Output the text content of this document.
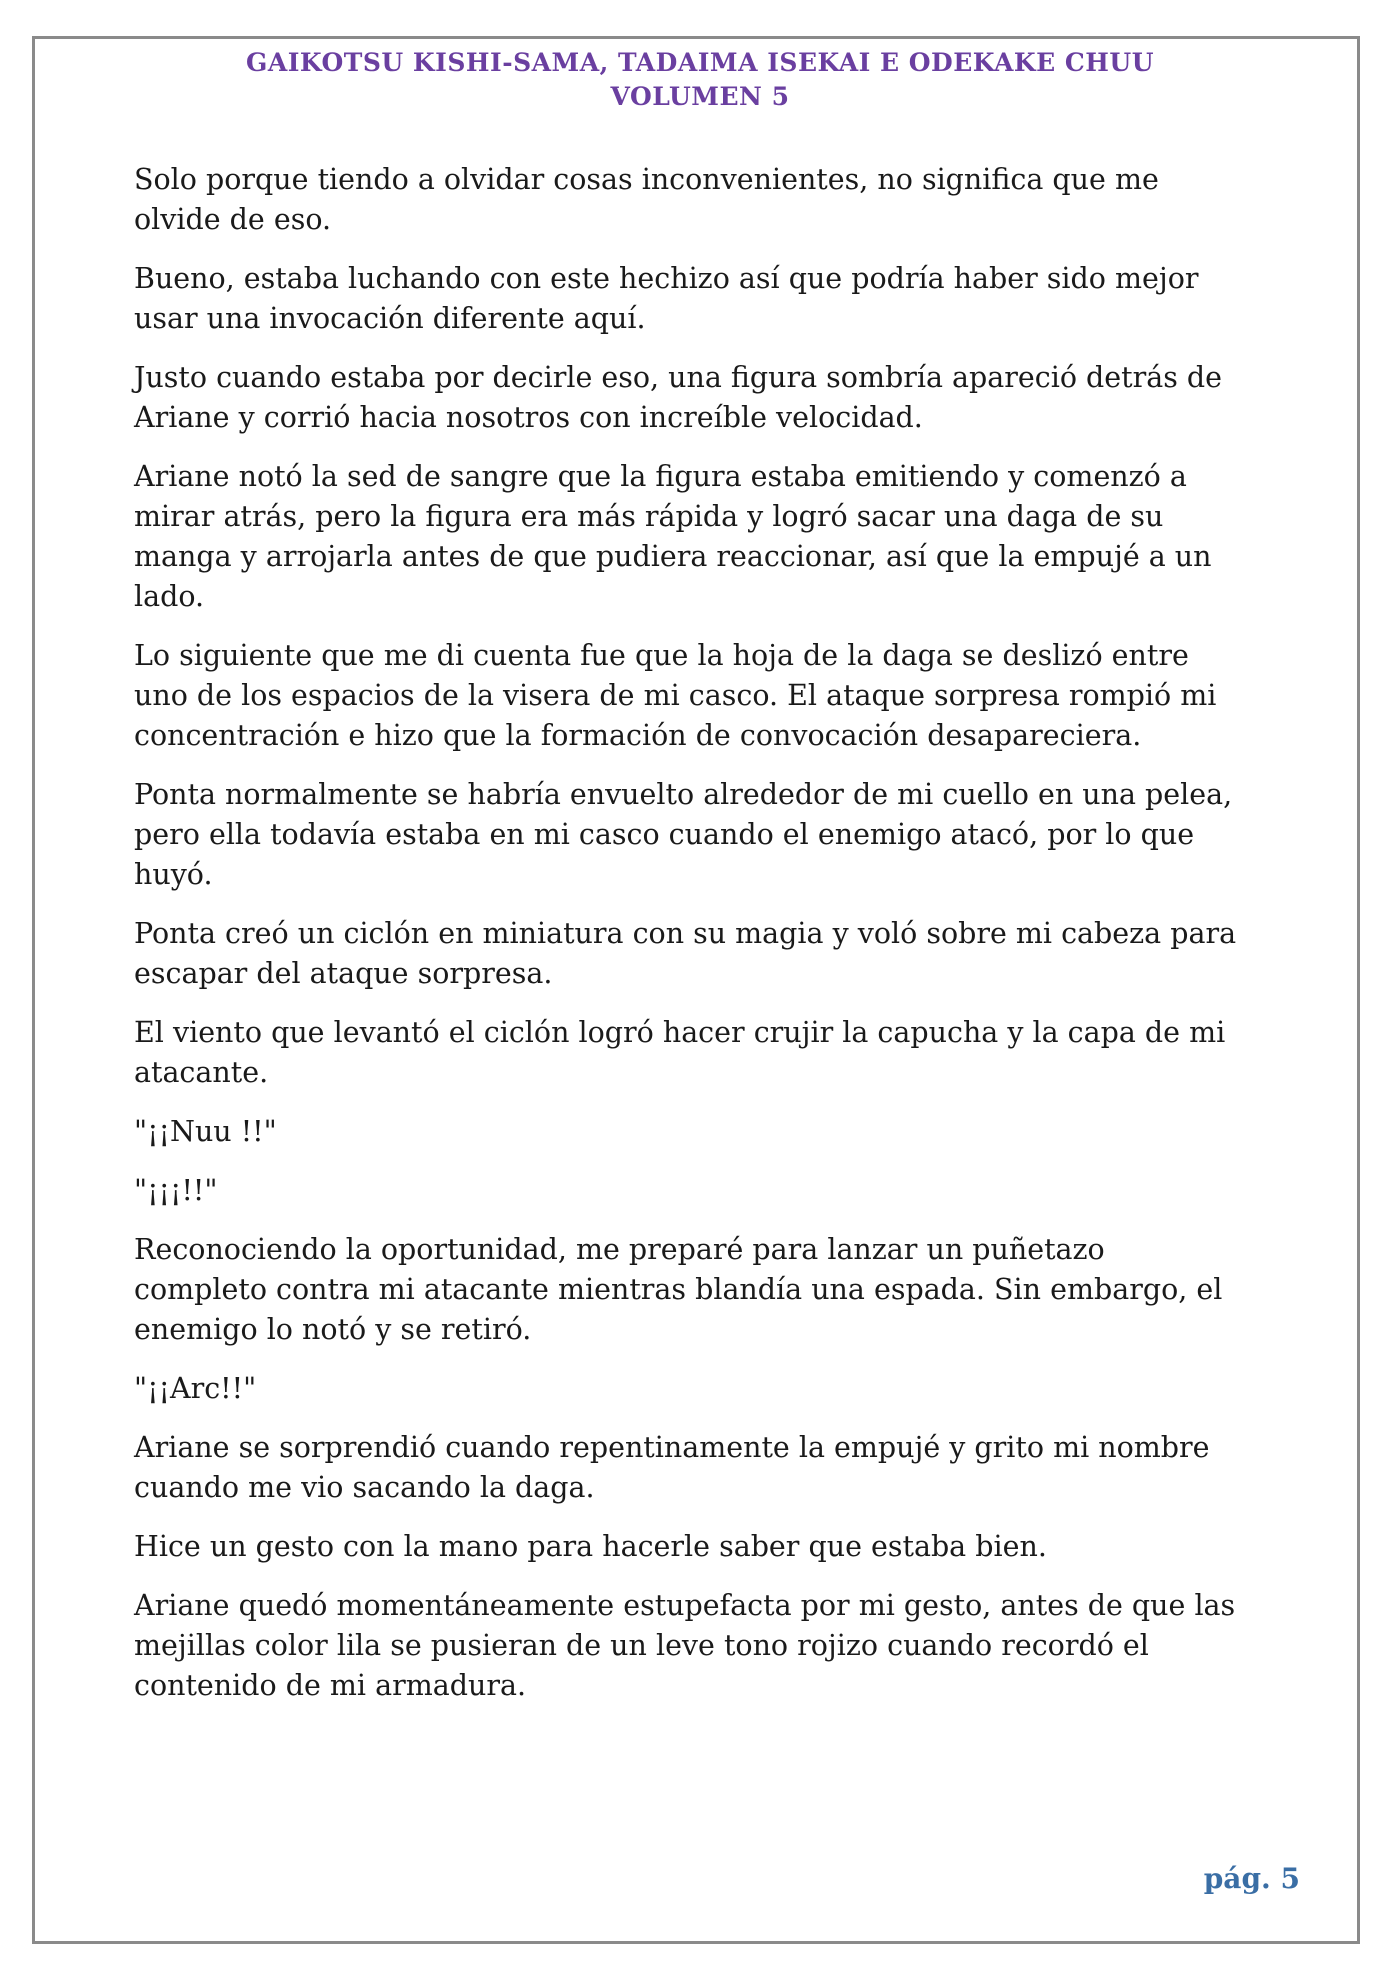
GAIKOTSU KISHI-SAMA, TADAIMA ISEKAI E ODEKAKE CHUU
VOLUMEN 5

Solo porque tiendo a olvidar cosas inconvenientes, no significa que me olvide de eso.

Bueno, estaba luchando con este hechizo así que podría haber sido mejor usar una invocación diferente aquí.

Justo cuando estaba por decirle eso, una figura sombría apareció detrás de Ariane y corrió hacia nosotros con increíble velocidad.

Ariane notó la sed de sangre que la figura estaba emitiendo y comenzó a mirar atrás, pero la figura era más rápida y logró sacar una daga de su manga y arrojarla antes de que pudiera reaccionar, así que la empujé a un lado.

Lo siguiente que me di cuenta fue que la hoja de la daga se deslizó entre uno de los espacios de la visera de mi casco. El ataque sorpresa rompió mi concentración e hizo que la formación de convocación desapareciera.

Ponta normalmente se habría envuelto alrededor de mi cuello en una pelea, pero ella todavía estaba en mi casco cuando el enemigo atacó, por lo que huyó.

Ponta creó un ciclón en miniatura con su magia y voló sobre mi cabeza para escapar del ataque sorpresa.

El viento que levantó el ciclón logró hacer crujir la capucha y la capa de mi atacante.

"¡¡Nuu !!"

"¡¡¡!!"

Reconociendo la oportunidad, me preparé para lanzar un puñetazo completo contra mi atacante mientras blandía una espada. Sin embargo, el enemigo lo notó y se retiró.

"¡¡Arc!!"

Ariane se sorprendió cuando repentinamente la empujé y grito mi nombre cuando me vio sacando la daga.

Hice un gesto con la mano para hacerle saber que estaba bien.

Ariane quedó momentáneamente estupefacta por mi gesto, antes de que las mejillas color lila se pusieran de un leve tono rojizo cuando recordó el contenido de mi armadura.

pág. 5
